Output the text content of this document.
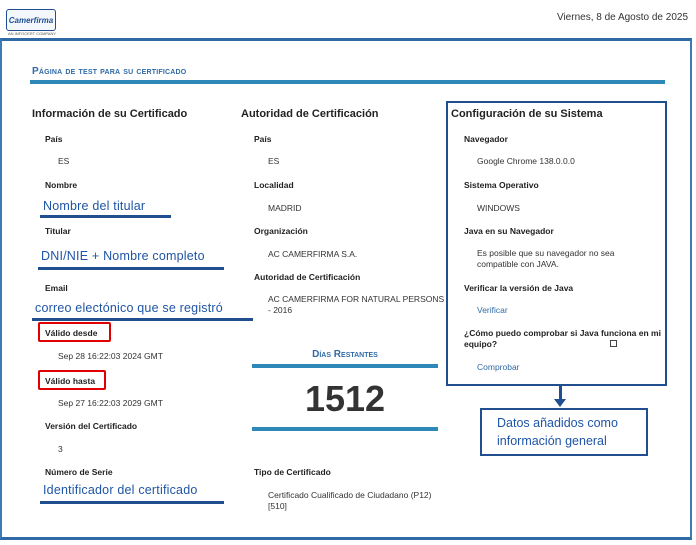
Camerfirma
AN INFOCERT COMPANY
Viernes, 8 de Agosto de 2025
Página de test para su certificado
Información de su Certificado
País
ES
Nombre
Nombre del titular
Titular
DNI/NIE + Nombre completo
Email
correo electónico que se registró
Válido desde
Sep 28 16:22:03 2024 GMT
Válido hasta
Sep 27 16:22:03 2029 GMT
Versión del Certificado
3
Número de Serie
Identificador del certificado
Autoridad de Certificación
País
ES
Localidad
MADRID
Organización
AC CAMERFIRMA S.A.
Autoridad de Certificación
AC CAMERFIRMA FOR NATURAL PERSONS - 2016
Días Restantes
1512
Tipo de Certificado
Certificado Cualificado de Ciudadano (P12) [510]
Configuración de su Sistema
Navegador
Google Chrome 138.0.0.0
Sistema Operativo
WINDOWS
Java en su Navegador
Es posible que su navegador no sea compatible con JAVA.
Verificar la versión de Java
Verificar
¿Cómo puedo comprobar si Java funciona en mi equipo?
Comprobar
Datos añadidos como
información general
